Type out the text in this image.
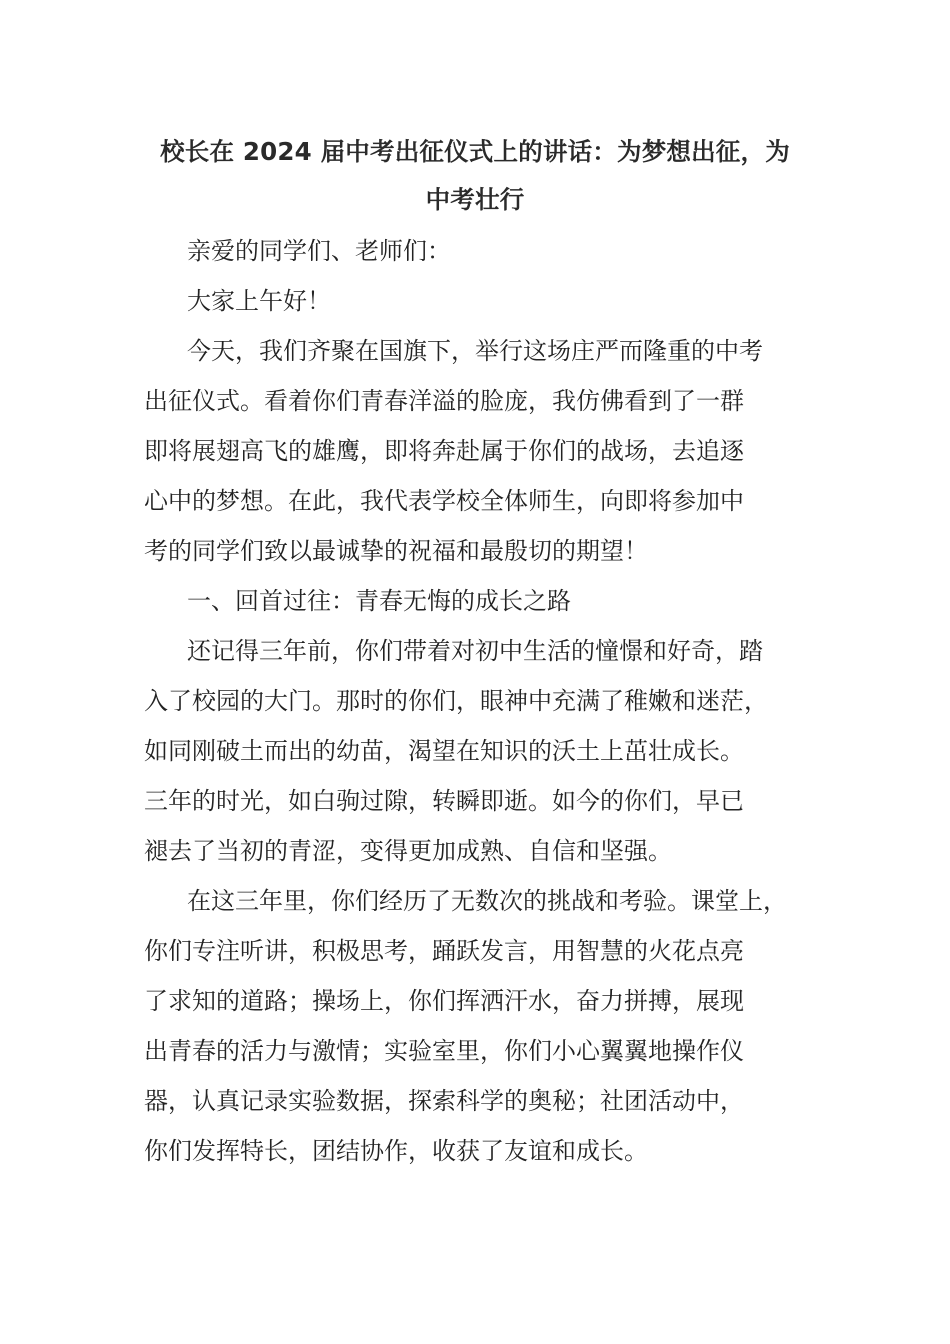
校长在 2024 届中考出征仪式上的讲话：为梦想出征，为
中考壮行
亲爱的同学们、老师们：
大家上午好！
今天，我们齐聚在国旗下，举行这场庄严而隆重的中考
出征仪式。看着你们青春洋溢的脸庞，我仿佛看到了一群
即将展翅高飞的雄鹰，即将奔赴属于你们的战场，去追逐
心中的梦想。在此，我代表学校全体师生，向即将参加中
考的同学们致以最诚挚的祝福和最殷切的期望！
一、回首过往：青春无悔的成长之路
还记得三年前，你们带着对初中生活的憧憬和好奇，踏
入了校园的大门。那时的你们，眼神中充满了稚嫩和迷茫，
如同刚破土而出的幼苗，渴望在知识的沃土上茁壮成长。
三年的时光，如白驹过隙，转瞬即逝。如今的你们，早已
褪去了当初的青涩，变得更加成熟、自信和坚强。
在这三年里，你们经历了无数次的挑战和考验。课堂上，
你们专注听讲，积极思考，踊跃发言，用智慧的火花点亮
了求知的道路；操场上，你们挥洒汗水，奋力拼搏，展现
出青春的活力与激情；实验室里，你们小心翼翼地操作仪
器，认真记录实验数据，探索科学的奥秘；社团活动中，
你们发挥特长，团结协作，收获了友谊和成长。
